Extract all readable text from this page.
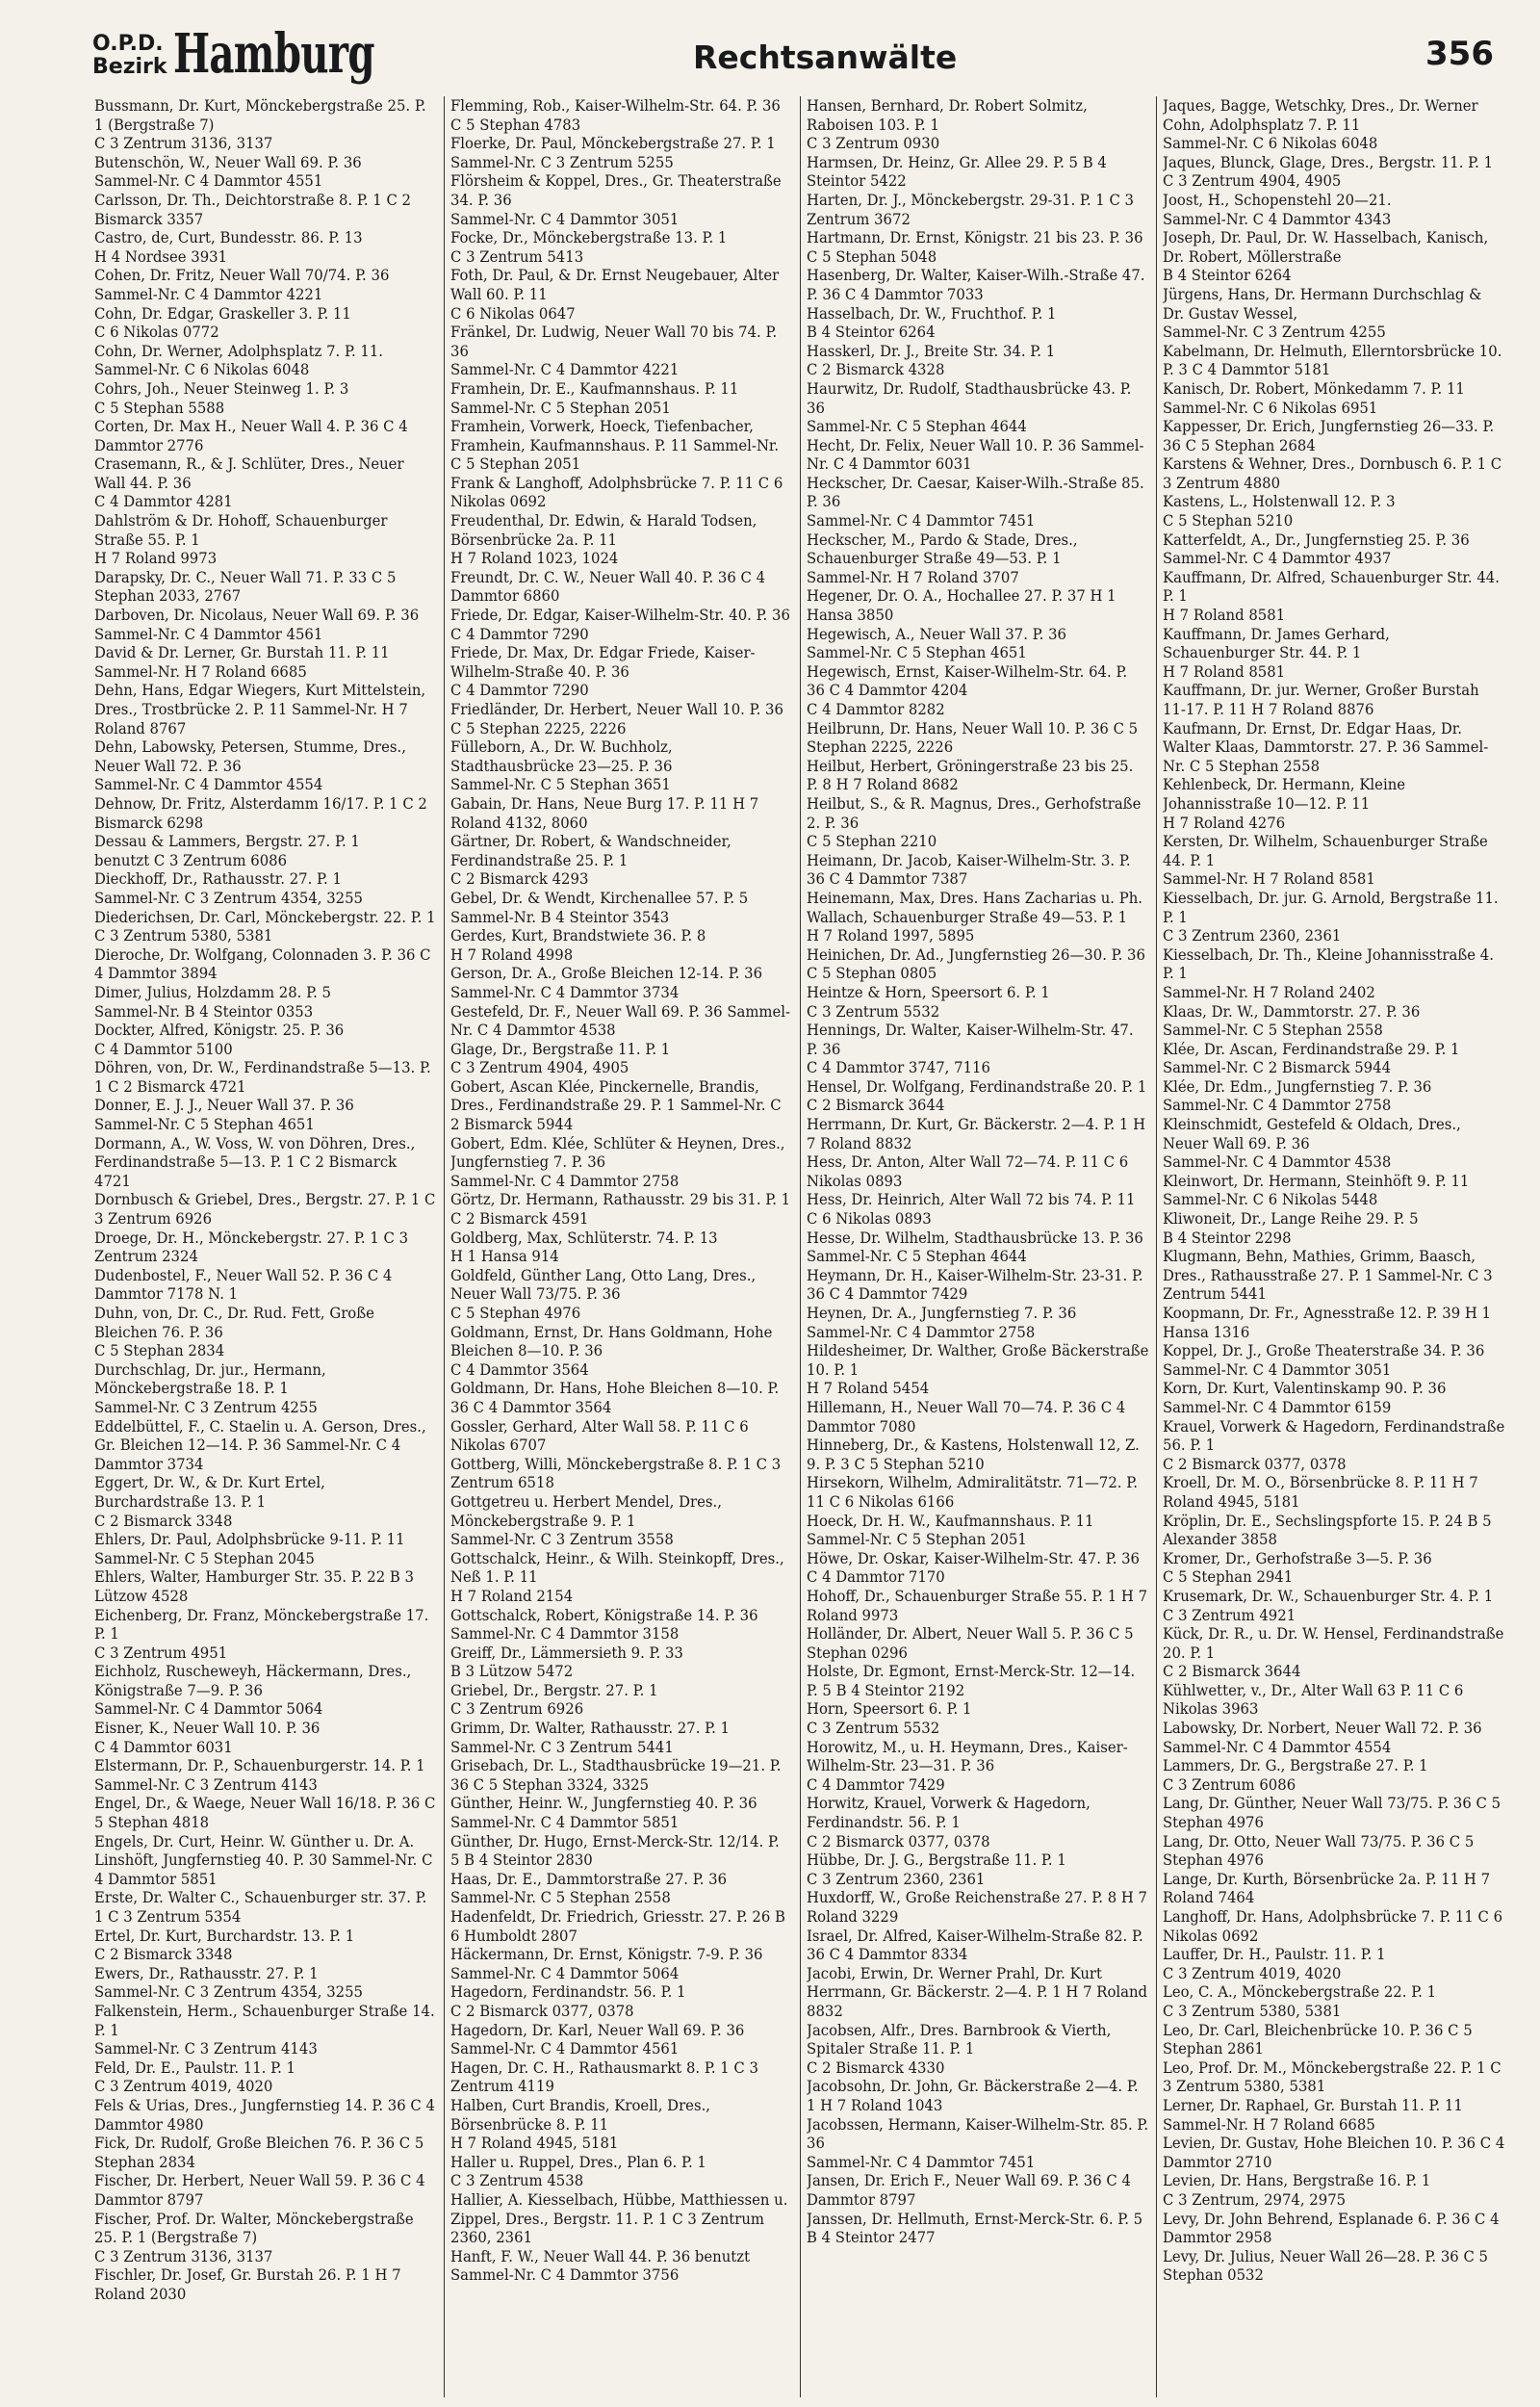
O.P.D.
Bezirk Hamburg	Rechtsanwälte	356
Bussmann, Dr. Kurt, Mönckebergstraße 25. P. 1 (Bergstraße 7)
C 3 Zentrum 3136, 3137
Butenschön, W., Neuer Wall 69. P. 36
Sammel-Nr. C 4 Dammtor 4551
Carlsson, Dr. Th., Deichtorstraße 8. P. 1 C 2 Bismarck 3357
Castro, de, Curt, Bundesstr. 86. P. 13
H 4 Nordsee 3931
Cohen, Dr. Fritz, Neuer Wall 70/74. P. 36 Sammel-Nr. C 4 Dammtor 4221
Cohn, Dr. Edgar, Graskeller 3. P. 11
C 6 Nikolas 0772
Cohn, Dr. Werner, Adolphsplatz 7. P. 11. Sammel-Nr. C 6 Nikolas 6048
Cohrs, Joh., Neuer Steinweg 1. P. 3
C 5 Stephan 5588
Corten, Dr. Max H., Neuer Wall 4. P. 36 C 4 Dammtor 2776
Crasemann, R., & J. Schlüter, Dres., Neuer Wall 44. P. 36
C 4 Dammtor 4281
Dahlström & Dr. Hohoff, Schauenburger Straße 55. P. 1
H 7 Roland 9973
Darapsky, Dr. C., Neuer Wall 71. P. 33 C 5 Stephan 2033, 2767
Darboven, Dr. Nicolaus, Neuer Wall 69. P. 36
Sammel-Nr. C 4 Dammtor 4561
David & Dr. Lerner, Gr. Burstah 11. P. 11 Sammel-Nr. H 7 Roland 6685
Dehn, Hans, Edgar Wiegers, Kurt Mittelstein, Dres., Trostbrücke 2. P. 11 Sammel-Nr. H 7 Roland 8767
Dehn, Labowsky, Petersen, Stumme, Dres., Neuer Wall 72. P. 36
Sammel-Nr. C 4 Dammtor 4554
Dehnow, Dr. Fritz, Alsterdamm 16/17. P. 1 C 2 Bismarck 6298
Dessau & Lammers, Bergstr. 27. P. 1
benutzt C 3 Zentrum 6086
Dieckhoff, Dr., Rathausstr. 27. P. 1
Sammel-Nr. C 3 Zentrum 4354, 3255
Diederichsen, Dr. Carl, Mönckebergstr. 22. P. 1 C 3 Zentrum 5380, 5381
Dieroche, Dr. Wolfgang, Colonnaden 3. P. 36 C 4 Dammtor 3894
Dimer, Julius, Holzdamm 28. P. 5
Sammel-Nr. B 4 Steintor 0353
Dockter, Alfred, Königstr. 25. P. 36
C 4 Dammtor 5100
Döhren, von, Dr. W., Ferdinandstraße 5—13. P. 1 C 2 Bismarck 4721
Donner, E. J. J., Neuer Wall 37. P. 36
Sammel-Nr. C 5 Stephan 4651
Dormann, A., W. Voss, W. von Döhren, Dres., Ferdinandstraße 5—13. P. 1 C 2 Bismarck 4721
Dornbusch & Griebel, Dres., Bergstr. 27. P. 1 C 3 Zentrum 6926
Droege, Dr. H., Mönckebergstr. 27. P. 1 C 3 Zentrum 2324
Dudenbostel, F., Neuer Wall 52. P. 36 C 4 Dammtor 7178 N. 1
Duhn, von, Dr. C., Dr. Rud. Fett, Große Bleichen 76. P. 36
C 5 Stephan 2834
Durchschlag, Dr. jur., Hermann, Mönckebergstraße 18. P. 1
Sammel-Nr. C 3 Zentrum 4255
Eddelbüttel, F., C. Staelin u. A. Gerson, Dres., Gr. Bleichen 12—14. P. 36 Sammel-Nr. C 4 Dammtor 3734
Eggert, Dr. W., & Dr. Kurt Ertel, Burchardstraße 13. P. 1
C 2 Bismarck 3348
Ehlers, Dr. Paul, Adolphsbrücke 9-11. P. 11 Sammel-Nr. C 5 Stephan 2045
Ehlers, Walter, Hamburger Str. 35. P. 22 B 3 Lützow 4528
Eichenberg, Dr. Franz, Mönckebergstraße 17. P. 1
C 3 Zentrum 4951
Eichholz, Ruscheweyh, Häckermann, Dres., Königstraße 7—9. P. 36
Sammel-Nr. C 4 Dammtor 5064
Eisner, K., Neuer Wall 10. P. 36
C 4 Dammtor 6031
Elstermann, Dr. P., Schauenburgerstr. 14. P. 1
Sammel-Nr. C 3 Zentrum 4143
Engel, Dr., & Waege, Neuer Wall 16/18. P. 36 C 5 Stephan 4818
Engels, Dr. Curt, Heinr. W. Günther u. Dr. A. Linshöft, Jungfernstieg 40. P. 30 Sammel-Nr. C 4 Dammtor 5851
Erste, Dr. Walter C., Schauenburger str. 37. P. 1 C 3 Zentrum 5354
Ertel, Dr. Kurt, Burchardstr. 13. P. 1
C 2 Bismarck 3348
Ewers, Dr., Rathausstr. 27. P. 1
Sammel-Nr. C 3 Zentrum 4354, 3255
Falkenstein, Herm., Schauenburger Straße 14. P. 1
Sammel-Nr. C 3 Zentrum 4143
Feld, Dr. E., Paulstr. 11. P. 1
C 3 Zentrum 4019, 4020
Fels & Urias, Dres., Jungfernstieg 14. P. 36 C 4 Dammtor 4980
Fick, Dr. Rudolf, Große Bleichen 76. P. 36 C 5 Stephan 2834
Fischer, Dr. Herbert, Neuer Wall 59. P. 36 C 4 Dammtor 8797
Fischer, Prof. Dr. Walter, Mönckebergstraße 25. P. 1 (Bergstraße 7)
C 3 Zentrum 3136, 3137
Fischler, Dr. Josef, Gr. Burstah 26. P. 1 H 7 Roland 2030
Flemming, Rob., Kaiser-Wilhelm-Str. 64. P. 36 C 5 Stephan 4783
Floerke, Dr. Paul, Mönckebergstraße 27. P. 1
Sammel-Nr. C 3 Zentrum 5255
Flörsheim & Koppel, Dres., Gr. Theaterstraße 34. P. 36
Sammel-Nr. C 4 Dammtor 3051
Focke, Dr., Mönckebergstraße 13. P. 1
C 3 Zentrum 5413
Foth, Dr. Paul, & Dr. Ernst Neugebauer, Alter Wall 60. P. 11
C 6 Nikolas 0647
Fränkel, Dr. Ludwig, Neuer Wall 70 bis 74. P. 36
Sammel-Nr. C 4 Dammtor 4221
Framhein, Dr. E., Kaufmannshaus. P. 11 Sammel-Nr. C 5 Stephan 2051
Framhein, Vorwerk, Hoeck, Tiefenbacher, Framhein, Kaufmannshaus. P. 11 Sammel-Nr. C 5 Stephan 2051
Frank & Langhoff, Adolphsbrücke 7. P. 11 C 6 Nikolas 0692
Freudenthal, Dr. Edwin, & Harald Todsen, Börsenbrücke 2a. P. 11
H 7 Roland 1023, 1024
Freundt, Dr. C. W., Neuer Wall 40. P. 36 C 4 Dammtor 6860
Friede, Dr. Edgar, Kaiser-Wilhelm-Str. 40. P. 36 C 4 Dammtor 7290
Friede, Dr. Max, Dr. Edgar Friede, Kaiser-Wilhelm-Straße 40. P. 36
C 4 Dammtor 7290
Friedländer, Dr. Herbert, Neuer Wall 10. P. 36 C 5 Stephan 2225, 2226
Fülleborn, A., Dr. W. Buchholz, Stadthausbrücke 23—25. P. 36
Sammel-Nr. C 5 Stephan 3651
Gabain, Dr. Hans, Neue Burg 17. P. 11 H 7 Roland 4132, 8060
Gärtner, Dr. Robert, & Wandschneider, Ferdinandstraße 25. P. 1
C 2 Bismarck 4293
Gebel, Dr. & Wendt, Kirchenallee 57. P. 5 Sammel-Nr. B 4 Steintor 3543
Gerdes, Kurt, Brandstwiete 36. P. 8
H 7 Roland 4998
Gerson, Dr. A., Große Bleichen 12-14. P. 36 Sammel-Nr. C 4 Dammtor 3734
Gestefeld, Dr. F., Neuer Wall 69. P. 36 Sammel-Nr. C 4 Dammtor 4538
Glage, Dr., Bergstraße 11. P. 1
C 3 Zentrum 4904, 4905
Gobert, Ascan Klée, Pinckernelle, Brandis, Dres., Ferdinandstraße 29. P. 1 Sammel-Nr. C 2 Bismarck 5944
Gobert, Edm. Klée, Schlüter & Heynen, Dres., Jungfernstieg 7. P. 36
Sammel-Nr. C 4 Dammtor 2758
Görtz, Dr. Hermann, Rathausstr. 29 bis 31. P. 1 C 2 Bismarck 4591
Goldberg, Max, Schlüterstr. 74. P. 13
H 1 Hansa 914
Goldfeld, Günther Lang, Otto Lang, Dres., Neuer Wall 73/75. P. 36
C 5 Stephan 4976
Goldmann, Ernst, Dr. Hans Goldmann, Hohe Bleichen 8—10. P. 36
C 4 Dammtor 3564
Goldmann, Dr. Hans, Hohe Bleichen 8—10. P. 36 C 4 Dammtor 3564
Gossler, Gerhard, Alter Wall 58. P. 11 C 6 Nikolas 6707
Gottberg, Willi, Mönckebergstraße 8. P. 1 C 3 Zentrum 6518
Gottgetreu u. Herbert Mendel, Dres., Mönckebergstraße 9. P. 1
Sammel-Nr. C 3 Zentrum 3558
Gottschalck, Heinr., & Wilh. Steinkopff, Dres., Neß 1. P. 11
H 7 Roland 2154
Gottschalck, Robert, Königstraße 14. P. 36 Sammel-Nr. C 4 Dammtor 3158
Greiff, Dr., Lämmersieth 9. P. 33
B 3 Lützow 5472
Griebel, Dr., Bergstr. 27. P. 1
C 3 Zentrum 6926
Grimm, Dr. Walter, Rathausstr. 27. P. 1 Sammel-Nr. C 3 Zentrum 5441
Grisebach, Dr. L., Stadthausbrücke 19—21. P. 36 C 5 Stephan 3324, 3325
Günther, Heinr. W., Jungfernstieg 40. P. 36 Sammel-Nr. C 4 Dammtor 5851
Günther, Dr. Hugo, Ernst-Merck-Str. 12/14. P. 5 B 4 Steintor 2830
Haas, Dr. E., Dammtorstraße 27. P. 36 Sammel-Nr. C 5 Stephan 2558
Hadenfeldt, Dr. Friedrich, Griesstr. 27. P. 26 B 6 Humboldt 2807
Häckermann, Dr. Ernst, Königstr. 7-9. P. 36 Sammel-Nr. C 4 Dammtor 5064
Hagedorn, Ferdinandstr. 56. P. 1
C 2 Bismarck 0377, 0378
Hagedorn, Dr. Karl, Neuer Wall 69. P. 36 Sammel-Nr. C 4 Dammtor 4561
Hagen, Dr. C. H., Rathausmarkt 8. P. 1 C 3 Zentrum 4119
Halben, Curt Brandis, Kroell, Dres., Börsenbrücke 8. P. 11
H 7 Roland 4945, 5181
Haller u. Ruppel, Dres., Plan 6. P. 1
C 3 Zentrum 4538
Hallier, A. Kiesselbach, Hübbe, Matthiessen u. Zippel, Dres., Bergstr. 11. P. 1 C 3 Zentrum 2360, 2361
Hanft, F. W., Neuer Wall 44. P. 36 benutzt
Sammel-Nr. C 4 Dammtor 3756
Hansen, Bernhard, Dr. Robert Solmitz, Raboisen 103. P. 1
C 3 Zentrum 0930
Harmsen, Dr. Heinz, Gr. Allee 29. P. 5 B 4 Steintor 5422
Harten, Dr. J., Mönckebergstr. 29-31. P. 1 C 3 Zentrum 3672
Hartmann, Dr. Ernst, Königstr. 21 bis 23. P. 36
C 5 Stephan 5048
Hasenberg, Dr. Walter, Kaiser-Wilh.-Straße 47. P. 36 C 4 Dammtor 7033
Hasselbach, Dr. W., Fruchthof. P. 1
B 4 Steintor 6264
Hasskerl, Dr. J., Breite Str. 34. P. 1
C 2 Bismarck 4328
Haurwitz, Dr. Rudolf, Stadthausbrücke 43. P. 36
Sammel-Nr. C 5 Stephan 4644
Hecht, Dr. Felix, Neuer Wall 10. P. 36 Sammel-Nr. C 4 Dammtor 6031
Heckscher, Dr. Caesar, Kaiser-Wilh.-Straße 85. P. 36
Sammel-Nr. C 4 Dammtor 7451
Heckscher, M., Pardo & Stade, Dres., Schauenburger Straße 49—53. P. 1
Sammel-Nr. H 7 Roland 3707
Hegener, Dr. O. A., Hochallee 27. P. 37 H 1 Hansa 3850
Hegewisch, A., Neuer Wall 37. P. 36
Sammel-Nr. C 5 Stephan 4651
Hegewisch, Ernst, Kaiser-Wilhelm-Str. 64. P. 36 C 4 Dammtor 4204
C 4 Dammtor 8282
Heilbrunn, Dr. Hans, Neuer Wall 10. P. 36 C 5 Stephan 2225, 2226
Heilbut, Herbert, Gröningerstraße 23 bis 25. P. 8 H 7 Roland 8682
Heilbut, S., & R. Magnus, Dres., Gerhofstraße 2. P. 36
C 5 Stephan 2210
Heimann, Dr. Jacob, Kaiser-Wilhelm-Str. 3. P. 36 C 4 Dammtor 7387
Heinemann, Max, Dres. Hans Zacharias u. Ph. Wallach, Schauenburger Straße 49—53. P. 1
H 7 Roland 1997, 5895
Heinichen, Dr. Ad., Jungfernstieg 26—30. P. 36 C 5 Stephan 0805
Heintze & Horn, Speersort 6. P. 1
C 3 Zentrum 5532
Hennings, Dr. Walter, Kaiser-Wilhelm-Str. 47. P. 36
C 4 Dammtor 3747, 7116
Hensel, Dr. Wolfgang, Ferdinandstraße 20. P. 1 C 2 Bismarck 3644
Herrmann, Dr. Kurt, Gr. Bäckerstr. 2—4. P. 1 H 7 Roland 8832
Hess, Dr. Anton, Alter Wall 72—74. P. 11 C 6 Nikolas 0893
Hess, Dr. Heinrich, Alter Wall 72 bis 74. P. 11 C 6 Nikolas 0893
Hesse, Dr. Wilhelm, Stadthausbrücke 13. P. 36
Sammel-Nr. C 5 Stephan 4644
Heymann, Dr. H., Kaiser-Wilhelm-Str. 23-31. P. 36 C 4 Dammtor 7429
Heynen, Dr. A., Jungfernstieg 7. P. 36
Sammel-Nr. C 4 Dammtor 2758
Hildesheimer, Dr. Walther, Große Bäckerstraße 10. P. 1
H 7 Roland 5454
Hillemann, H., Neuer Wall 70—74. P. 36 C 4 Dammtor 7080
Hinneberg, Dr., & Kastens, Holstenwall 12, Z. 9. P. 3 C 5 Stephan 5210
Hirsekorn, Wilhelm, Admiralitätstr. 71—72. P. 11 C 6 Nikolas 6166
Hoeck, Dr. H. W., Kaufmannshaus. P. 11 Sammel-Nr. C 5 Stephan 2051
Höwe, Dr. Oskar, Kaiser-Wilhelm-Str. 47. P. 36 C 4 Dammtor 7170
Hohoff, Dr., Schauenburger Straße 55. P. 1 H 7 Roland 9973
Holländer, Dr. Albert, Neuer Wall 5. P. 36 C 5 Stephan 0296
Holste, Dr. Egmont, Ernst-Merck-Str. 12—14. P. 5 B 4 Steintor 2192
Horn, Speersort 6. P. 1
C 3 Zentrum 5532
Horowitz, M., u. H. Heymann, Dres., Kaiser-Wilhelm-Str. 23—31. P. 36
C 4 Dammtor 7429
Horwitz, Krauel, Vorwerk & Hagedorn, Ferdinandstr. 56. P. 1
C 2 Bismarck 0377, 0378
Hübbe, Dr. J. G., Bergstraße 11. P. 1
C 3 Zentrum 2360, 2361
Huxdorff, W., Große Reichenstraße 27. P. 8 H 7 Roland 3229
Israel, Dr. Alfred, Kaiser-Wilhelm-Straße 82. P. 36 C 4 Dammtor 8334
Jacobi, Erwin, Dr. Werner Prahl, Dr. Kurt Herrmann, Gr. Bäckerstr. 2—4. P. 1 H 7 Roland 8832
Jacobsen, Alfr., Dres. Barnbrook & Vierth, Spitaler Straße 11. P. 1
C 2 Bismarck 4330
Jacobsohn, Dr. John, Gr. Bäckerstraße 2—4. P. 1 H 7 Roland 1043
Jacobssen, Hermann, Kaiser-Wilhelm-Str. 85. P. 36
Sammel-Nr. C 4 Dammtor 7451
Jansen, Dr. Erich F., Neuer Wall 69. P. 36 C 4 Dammtor 8797
Janssen, Dr. Hellmuth, Ernst-Merck-Str. 6. P. 5 B 4 Steintor 2477
Jaques, Bagge, Wetschky, Dres., Dr. Werner Cohn, Adolphsplatz 7. P. 11
Sammel-Nr. C 6 Nikolas 6048
Jaques, Blunck, Glage, Dres., Bergstr. 11. P. 1 C 3 Zentrum 4904, 4905
Joost, H., Schopenstehl 20—21.
Sammel-Nr. C 4 Dammtor 4343
Joseph, Dr. Paul, Dr. W. Hasselbach, Kanisch, Dr. Robert, Möllerstraße
B 4 Steintor 6264
Jürgens, Hans, Dr. Hermann Durchschlag & Dr. Gustav Wessel,
Sammel-Nr. C 3 Zentrum 4255
Kabelmann, Dr. Helmuth, Ellerntorsbrücke 10. P. 3 C 4 Dammtor 5181
Kanisch, Dr. Robert, Mönkedamm 7. P. 11 Sammel-Nr. C 6 Nikolas 6951
Kappesser, Dr. Erich, Jungfernstieg 26—33. P. 36 C 5 Stephan 2684
Karstens & Wehner, Dres., Dornbusch 6. P. 1 C 3 Zentrum 4880
Kastens, L., Holstenwall 12. P. 3
C 5 Stephan 5210
Katterfeldt, A., Dr., Jungfernstieg 25. P. 36
Sammel-Nr. C 4 Dammtor 4937
Kauffmann, Dr. Alfred, Schauenburger Str. 44. P. 1
H 7 Roland 8581
Kauffmann, Dr. James Gerhard, Schauenburger Str. 44. P. 1
H 7 Roland 8581
Kauffmann, Dr. jur. Werner, Großer Burstah 11-17. P. 11 H 7 Roland 8876
Kaufmann, Dr. Ernst, Dr. Edgar Haas, Dr. Walter Klaas, Dammtorstr. 27. P. 36 Sammel-Nr. C 5 Stephan 2558
Kehlenbeck, Dr. Hermann, Kleine Johannisstraße 10—12. P. 11
H 7 Roland 4276
Kersten, Dr. Wilhelm, Schauenburger Straße 44. P. 1
Sammel-Nr. H 7 Roland 8581
Kiesselbach, Dr. jur. G. Arnold, Bergstraße 11. P. 1
C 3 Zentrum 2360, 2361
Kiesselbach, Dr. Th., Kleine Johannisstraße 4. P. 1
Sammel-Nr. H 7 Roland 2402
Klaas, Dr. W., Dammtorstr. 27. P. 36
Sammel-Nr. C 5 Stephan 2558
Klée, Dr. Ascan, Ferdinandstraße 29. P. 1 Sammel-Nr. C 2 Bismarck 5944
Klée, Dr. Edm., Jungfernstieg 7. P. 36
Sammel-Nr. C 4 Dammtor 2758
Kleinschmidt, Gestefeld & Oldach, Dres., Neuer Wall 69. P. 36
Sammel-Nr. C 4 Dammtor 4538
Kleinwort, Dr. Hermann, Steinhöft 9. P. 11 Sammel-Nr. C 6 Nikolas 5448
Kliwoneit, Dr., Lange Reihe 29. P. 5
B 4 Steintor 2298
Klugmann, Behn, Mathies, Grimm, Baasch, Dres., Rathausstraße 27. P. 1 Sammel-Nr. C 3 Zentrum 5441
Koopmann, Dr. Fr., Agnesstraße 12. P. 39 H 1 Hansa 1316
Koppel, Dr. J., Große Theaterstraße 34. P. 36
Sammel-Nr. C 4 Dammtor 3051
Korn, Dr. Kurt, Valentinskamp 90. P. 36 Sammel-Nr. C 4 Dammtor 6159
Krauel, Vorwerk & Hagedorn, Ferdinandstraße 56. P. 1
C 2 Bismarck 0377, 0378
Kroell, Dr. M. O., Börsenbrücke 8. P. 11 H 7 Roland 4945, 5181
Kröplin, Dr. E., Sechslingspforte 15. P. 24 B 5 Alexander 3858
Kromer, Dr., Gerhofstraße 3—5. P. 36
C 5 Stephan 2941
Krusemark, Dr. W., Schauenburger Str. 4. P. 1 C 3 Zentrum 4921
Kück, Dr. R., u. Dr. W. Hensel, Ferdinandstraße 20. P. 1
C 2 Bismarck 3644
Kühlwetter, v., Dr., Alter Wall 63 P. 11 C 6 Nikolas 3963
Labowsky, Dr. Norbert, Neuer Wall 72. P. 36
Sammel-Nr. C 4 Dammtor 4554
Lammers, Dr. G., Bergstraße 27. P. 1
C 3 Zentrum 6086
Lang, Dr. Günther, Neuer Wall 73/75. P. 36 C 5 Stephan 4976
Lang, Dr. Otto, Neuer Wall 73/75. P. 36 C 5 Stephan 4976
Lange, Dr. Kurth, Börsenbrücke 2a. P. 11 H 7 Roland 7464
Langhoff, Dr. Hans, Adolphsbrücke 7. P. 11 C 6 Nikolas 0692
Lauffer, Dr. H., Paulstr. 11. P. 1
C 3 Zentrum 4019, 4020
Leo, C. A., Mönckebergstraße 22. P. 1
C 3 Zentrum 5380, 5381
Leo, Dr. Carl, Bleichenbrücke 10. P. 36 C 5 Stephan 2861
Leo, Prof. Dr. M., Mönckebergstraße 22. P. 1 C 3 Zentrum 5380, 5381
Lerner, Dr. Raphael, Gr. Burstah 11. P. 11 Sammel-Nr. H 7 Roland 6685
Levien, Dr. Gustav, Hohe Bleichen 10. P. 36 C 4 Dammtor 2710
Levien, Dr. Hans, Bergstraße 16. P. 1
C 3 Zentrum, 2974, 2975
Levy, Dr. John Behrend, Esplanade 6. P. 36 C 4 Dammtor 2958
Levy, Dr. Julius, Neuer Wall 26—28. P. 36 C 5 Stephan 0532
